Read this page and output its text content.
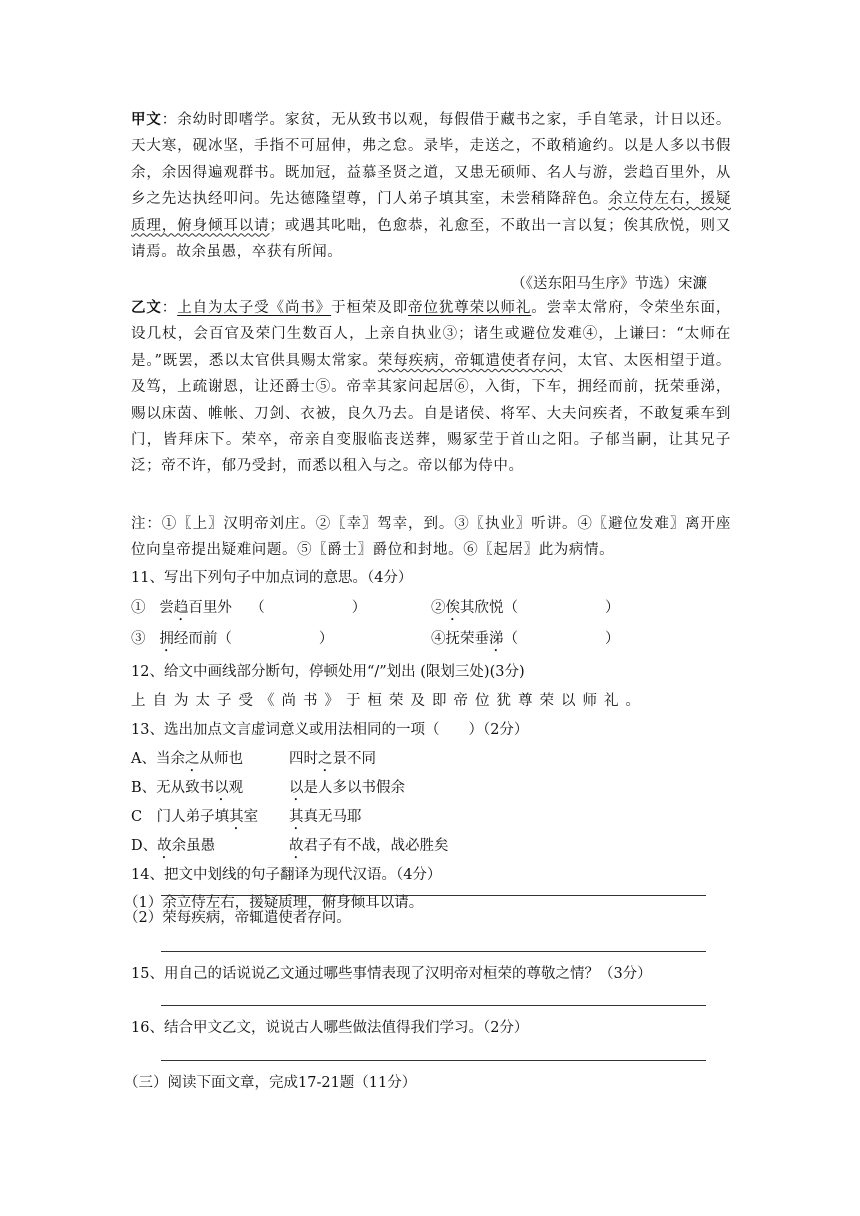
甲文：余幼时即嗜学。家贫，无从致书以观，每假借于藏书之家，手自笔录，计日以还。天大寒，砚冰坚，手指不可屈伸，弗之怠。录毕，走送之，不敢稍逾约。以是人多以书假余，余因得遍观群书。既加冠，益慕圣贤之道，又患无硕师、名人与游，尝趋百里外，从乡之先达执经叩问。先达德隆望尊，门人弟子填其室，未尝稍降辞色。余立侍左右，援疑质理，俯身倾耳以请；或遇其叱咄，色愈恭，礼愈至，不敢出一言以复；俟其欣悦，则又请焉。故余虽愚，卒获有所闻。
（《送东阳马生序》节选）宋濂
乙文：上自为太子受《尚书》于桓荣及即帝位犹尊荣以师礼。尝幸太常府，令荣坐东面，设几杖，会百官及荣门生数百人，上亲自执业③；诸生或避位发难④，上谦曰：“太师在是。”既罢，悉以太官供具赐太常家。荣每疾病，帝辄遣使者存问，太官、太医相望于道。及笃，上疏谢恩，让还爵士⑤。帝幸其家问起居⑥，入街，下车，拥经而前，抚荣垂涕，赐以床茵、帷帐、刀剑、衣被，良久乃去。自是诸侯、将军、大夫问疾者，不敢复乘车到门，皆拜床下。荣卒，帝亲自变服临丧送葬，赐冢茔于首山之阳。子郁当嗣，让其兄子泛；帝不许，郁乃受封，而悉以租入与之。帝以郁为侍中。
注：①〖上〗汉明帝刘庄。②〖幸〗驾幸，到。③〖执业〗听讲。④〖避位发难〗离开座位向皇帝提出疑难问题。⑤〖爵士〗爵位和封地。⑥〖起居〗此为病情。
11、写出下列句子中加点词的意思。（4分）
① 尝趋百里外 （　　　　　　）	②俟其欣悦（　　　　　　）
③ 拥经而前（　　　　　　）	④抚荣垂涕（　　　　　　）
12、给文中画线部分断句，停顿处用“/”划出 (限划三处)(3分)
上自为太子受《尚书》于桓荣及即帝位犹尊荣以师礼。
13、选出加点文言虚词意义或用法相同的一项（　　）（2分）
A、当余之从师也	四时之景不同
B、无从致书以观	以是人多以书假余
C　门人弟子填其室 其真无马耶
D、故余虽愚	故君子有不战，战必胜矣
14、把文中划线的句子翻译为现代汉语。（4分）
（1）余立侍左右，援疑质理，俯身倾耳以请。
（2）荣每疾病，帝辄遣使者存问。
15、用自己的话说说乙文通过哪些事情表现了汉明帝对桓荣的尊敬之情？（3分）
16、结合甲文乙文，说说古人哪些做法值得我们学习。（2分）
（三）阅读下面文章，完成17-21题（11分）
